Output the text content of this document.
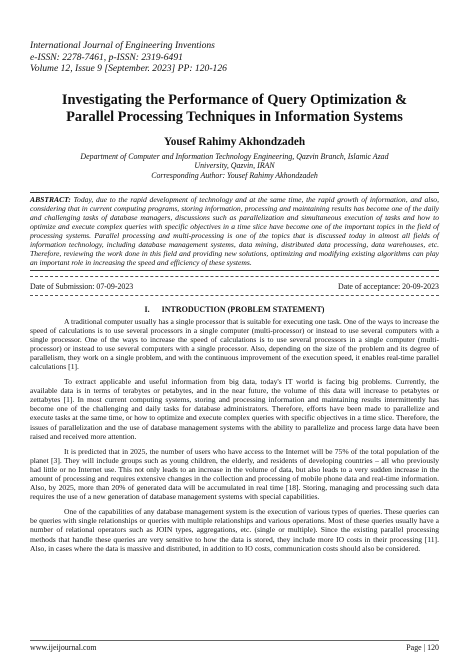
International Journal of Engineering Inventions
e-ISSN: 2278-7461, p-ISSN: 2319-6491
Volume 12, Issue 9 [September. 2023] PP: 120-126
Investigating the Performance of Query Optimization &
Parallel Processing Techniques in Information Systems
Yousef Rahimy Akhondzadeh
Department of Computer and Information Technology Engineering, Qazvin Branch, Islamic Azad
University, Qazvin, IRAN
Corresponding Author: Yousef Rahimy Akhondzadeh
ABSTRACT: Today, due to the rapid development of technology and at the same time, the rapid growth of information, and also, considering that in current computing programs, storing information, processing and maintaining results has become one of the daily and challenging tasks of database managers, discussions such as parallelization and simultaneous execution of tasks and how to optimize and execute complex queries with specific objectives in a time slice have become one of the important topics in the field of processing systems. Parallel processing and multi-processing is one of the topics that is discussed today in almost all fields of information technology, including database management systems, data mining, distributed data processing, data warehouses, etc. Therefore, reviewing the work done in this field and providing new solutions, optimizing and modifying existing algorithms can play an important role in increasing the speed and efficiency of these systems.
Date of Submission: 07-09-2023	Date of acceptance: 20-09-2023
I.      INTRODUCTION (PROBLEM STATEMENT)

A traditional computer usually has a single processor that is suitable for executing one task. One of the ways to increase the speed of calculations is to use several processors in a single computer (multi-processor) or instead to use several computers with a single processor. One of the ways to increase the speed of calculations is to use several processors in a single computer (multi-processor) or instead to use several computers with a single processor. Also, depending on the size of the problem and its degree of parallelism, they work on a single problem, and with the continuous improvement of the execution speed, it enables real-time parallel calculations [1].

To extract applicable and useful information from big data, today's IT world is facing big problems. Currently, the available data is in terms of terabytes or petabytes, and in the near future, the volume of this data will increase to petabytes or zettabytes [1]. In most current computing systems, storing and processing information and maintaining results intermittently has become one of the challenging and daily tasks for database administrators. Therefore, efforts have been made to parallelize and execute tasks at the same time, or how to optimize and execute complex queries with specific objectives in a time slice. Therefore, the issues of parallelization and the use of database management systems with the ability to parallelize and process large data have been raised and received more attention.

It is predicted that in 2025, the number of users who have access to the Internet will be 75% of the total population of the planet [3]. They will include groups such as young children, the elderly, and residents of developing countries – all who previously had little or no Internet use. This not only leads to an increase in the volume of data, but also leads to a very sudden increase in the amount of processing and requires extensive changes in the collection and processing of mobile phone data and real-time information. Also, by 2025, more than 20% of generated data will be accumulated in real time [18]. Storing, managing and processing such data requires the use of a new generation of database management systems with special capabilities.

One of the capabilities of any database management system is the execution of various types of queries. These queries can be queries with single relationships or queries with multiple relationships and various operations. Most of these queries usually have a number of relational operators such as JOIN types, aggregations, etc. (single or multiple). Since the existing parallel processing methods that handle these queries are very sensitive to how the data is stored, they include more IO costs in their processing [11]. Also, in cases where the data is massive and distributed, in addition to IO costs, communication costs should also be considered.

www.ijeijournal.com	Page | 120
